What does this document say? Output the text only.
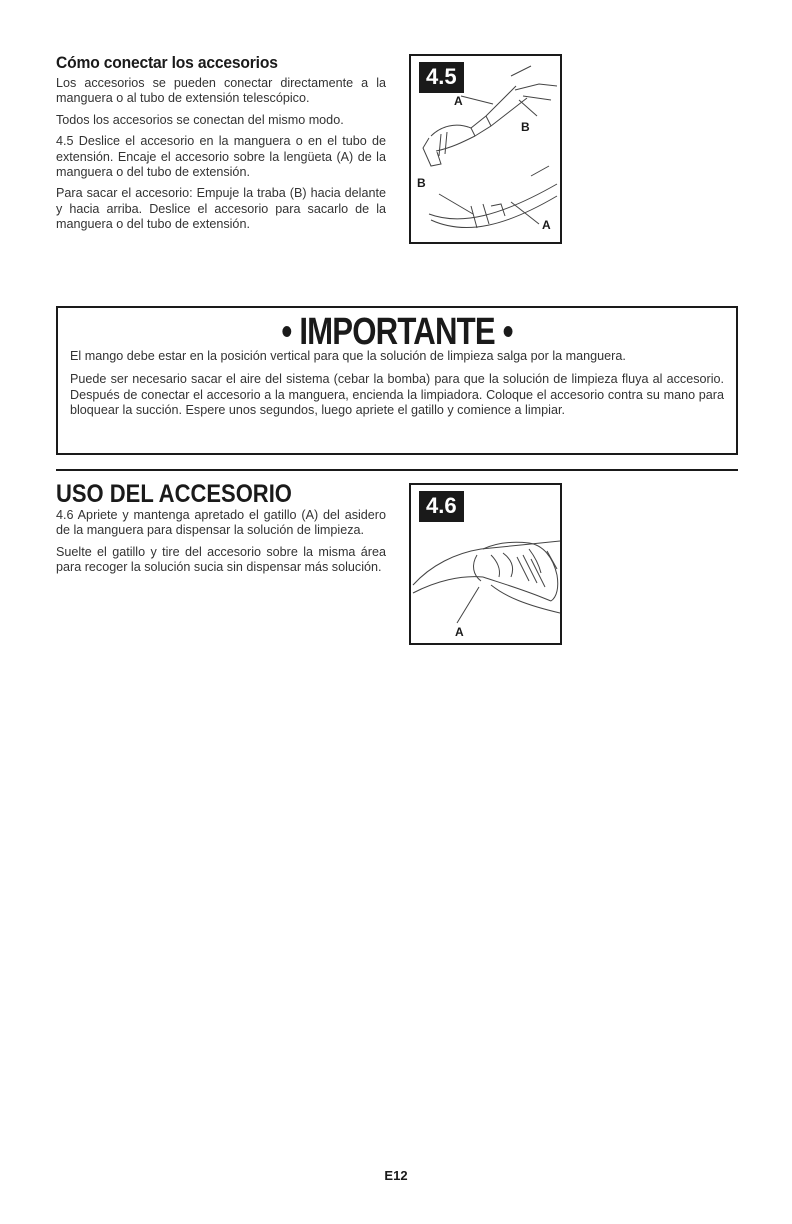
Cómo conectar los accesorios

Los accesorios se pueden conectar directamente a la manguera o al tubo de extensión telescópico.

Todos los accesorios se conectan del mismo modo.

4.5 Deslice el accesorio en la manguera o en el tubo de extensión. Encaje el accesorio sobre la lengüeta (A) de la manguera o del tubo de extensión.

Para sacar el accesorio: Empuje la traba (B) hacia delante y hacia arriba. Deslice el accesorio para sacarlo de la manguera o del tubo de extensión.

4.5
A
B
B
A
• IMPORTANTE •

El mango debe estar en la posición vertical para que la solución de limpieza salga por la manguera.

Puede ser necesario sacar el aire del sistema (cebar la bomba) para que la solución de limpieza fluya al accesorio. Después de conectar el accesorio a la manguera, encienda la limpiadora. Coloque el accesorio contra su mano para bloquear la succión. Espere unos segundos, luego apriete el gatillo y comience a limpiar.

USO DEL ACCESORIO

4.6 Apriete y mantenga apretado el gatillo (A) del asidero de la manguera para dispensar la solución de limpieza.

Suelte el gatillo y tire del accesorio sobre la misma área para recoger la solución sucia sin dispensar más solución.

4.6
A
E12
